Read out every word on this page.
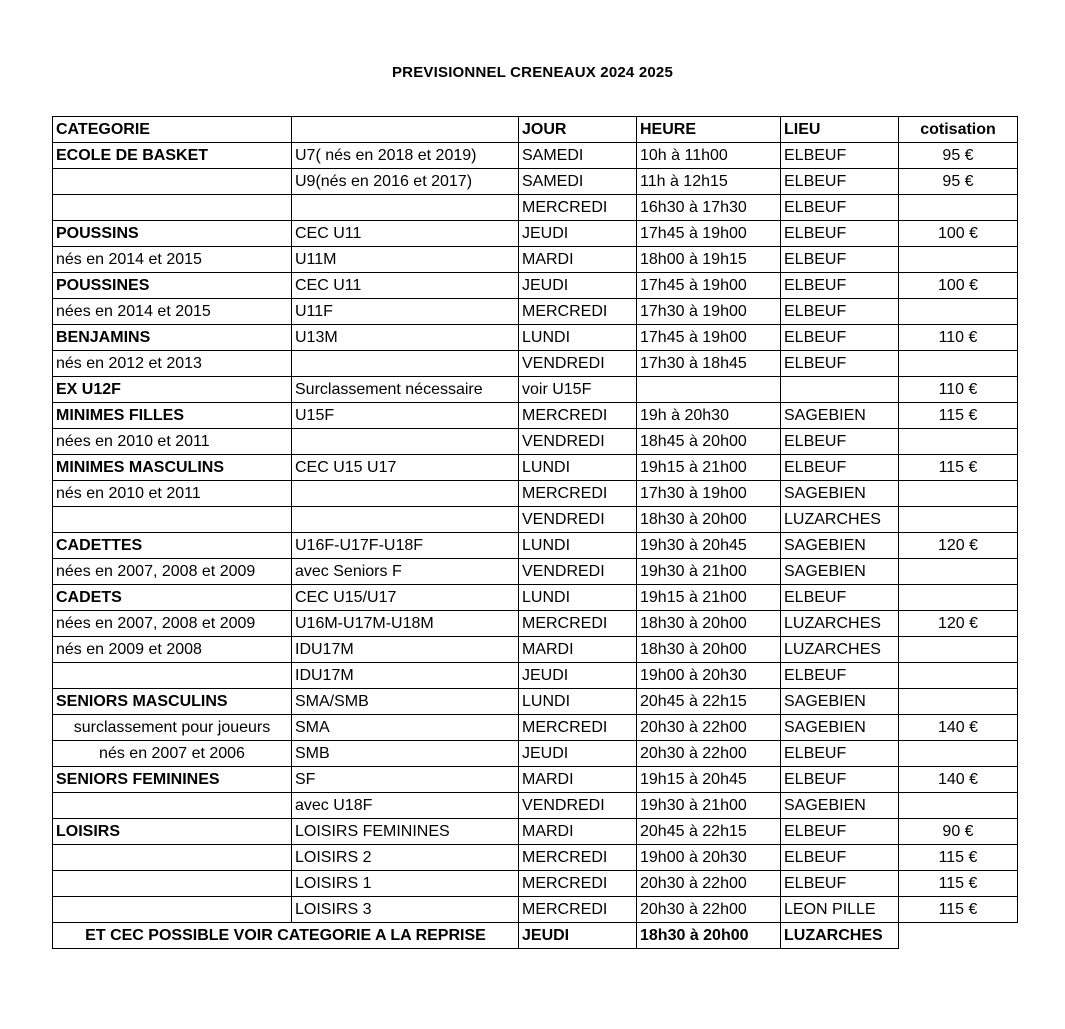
PREVISIONNEL CRENEAUX 2024 2025
CATEGORIE		JOUR	HEURE	LIEU	cotisation
ECOLE DE BASKET	U7( nés en 2018 et 2019)	SAMEDI	10h à 11h00	ELBEUF	95 €
	U9(nés en 2016 et 2017)	SAMEDI	11h à 12h15	ELBEUF	95 €
		MERCREDI	16h30 à 17h30	ELBEUF	
POUSSINS	CEC U11	JEUDI	17h45 à 19h00	ELBEUF	100 €
nés en 2014 et 2015	U11M	MARDI	18h00 à 19h15	ELBEUF	
POUSSINES	CEC U11	JEUDI	17h45 à 19h00	ELBEUF	100 €
nées en 2014 et 2015	U11F	MERCREDI	17h30 à 19h00	ELBEUF	
BENJAMINS	U13M	LUNDI	17h45 à 19h00	ELBEUF	110 €
nés en 2012 et 2013		VENDREDI	17h30 à 18h45	ELBEUF	
EX U12F	Surclassement nécessaire	voir U15F			110 €
MINIMES FILLES	U15F	MERCREDI	19h à 20h30	SAGEBIEN	115 €
nées en 2010 et 2011		VENDREDI	18h45 à 20h00	ELBEUF	
MINIMES MASCULINS	CEC U15 U17	LUNDI	19h15 à 21h00	ELBEUF	115 €
nés en 2010 et 2011		MERCREDI	17h30 à 19h00	SAGEBIEN	
		VENDREDI	18h30 à 20h00	LUZARCHES	
CADETTES	U16F-U17F-U18F	LUNDI	19h30 à 20h45	SAGEBIEN	120 €
nées en 2007, 2008 et 2009	avec Seniors F	VENDREDI	19h30 à 21h00	SAGEBIEN	
CADETS	CEC U15/U17	LUNDI	19h15 à 21h00	ELBEUF	
nées en 2007, 2008 et 2009	U16M-U17M-U18M	MERCREDI	18h30 à 20h00	LUZARCHES	120 €
nés en 2009 et 2008	IDU17M	MARDI	18h30 à 20h00	LUZARCHES	
	IDU17M	JEUDI	19h00 à 20h30	ELBEUF	
SENIORS MASCULINS	SMA/SMB	LUNDI	20h45 à 22h15	SAGEBIEN	
surclassement pour joueurs	SMA	MERCREDI	20h30 à 22h00	SAGEBIEN	140 €
nés en 2007 et 2006	SMB	JEUDI	20h30 à 22h00	ELBEUF	
SENIORS FEMININES	SF	MARDI	19h15 à 20h45	ELBEUF	140 €
	avec U18F	VENDREDI	19h30 à 21h00	SAGEBIEN	
LOISIRS	LOISIRS FEMININES	MARDI	20h45 à 22h15	ELBEUF	90 €
	LOISIRS 2	MERCREDI	19h00 à 20h30	ELBEUF	115 €
	LOISIRS 1	MERCREDI	20h30 à 22h00	ELBEUF	115 €
	LOISIRS 3	MERCREDI	20h30 à 22h00	LEON PILLE	115 €
ET CEC POSSIBLE VOIR CATEGORIE A LA REPRISE		JEUDI	18h30 à 20h00	LUZARCHES	
